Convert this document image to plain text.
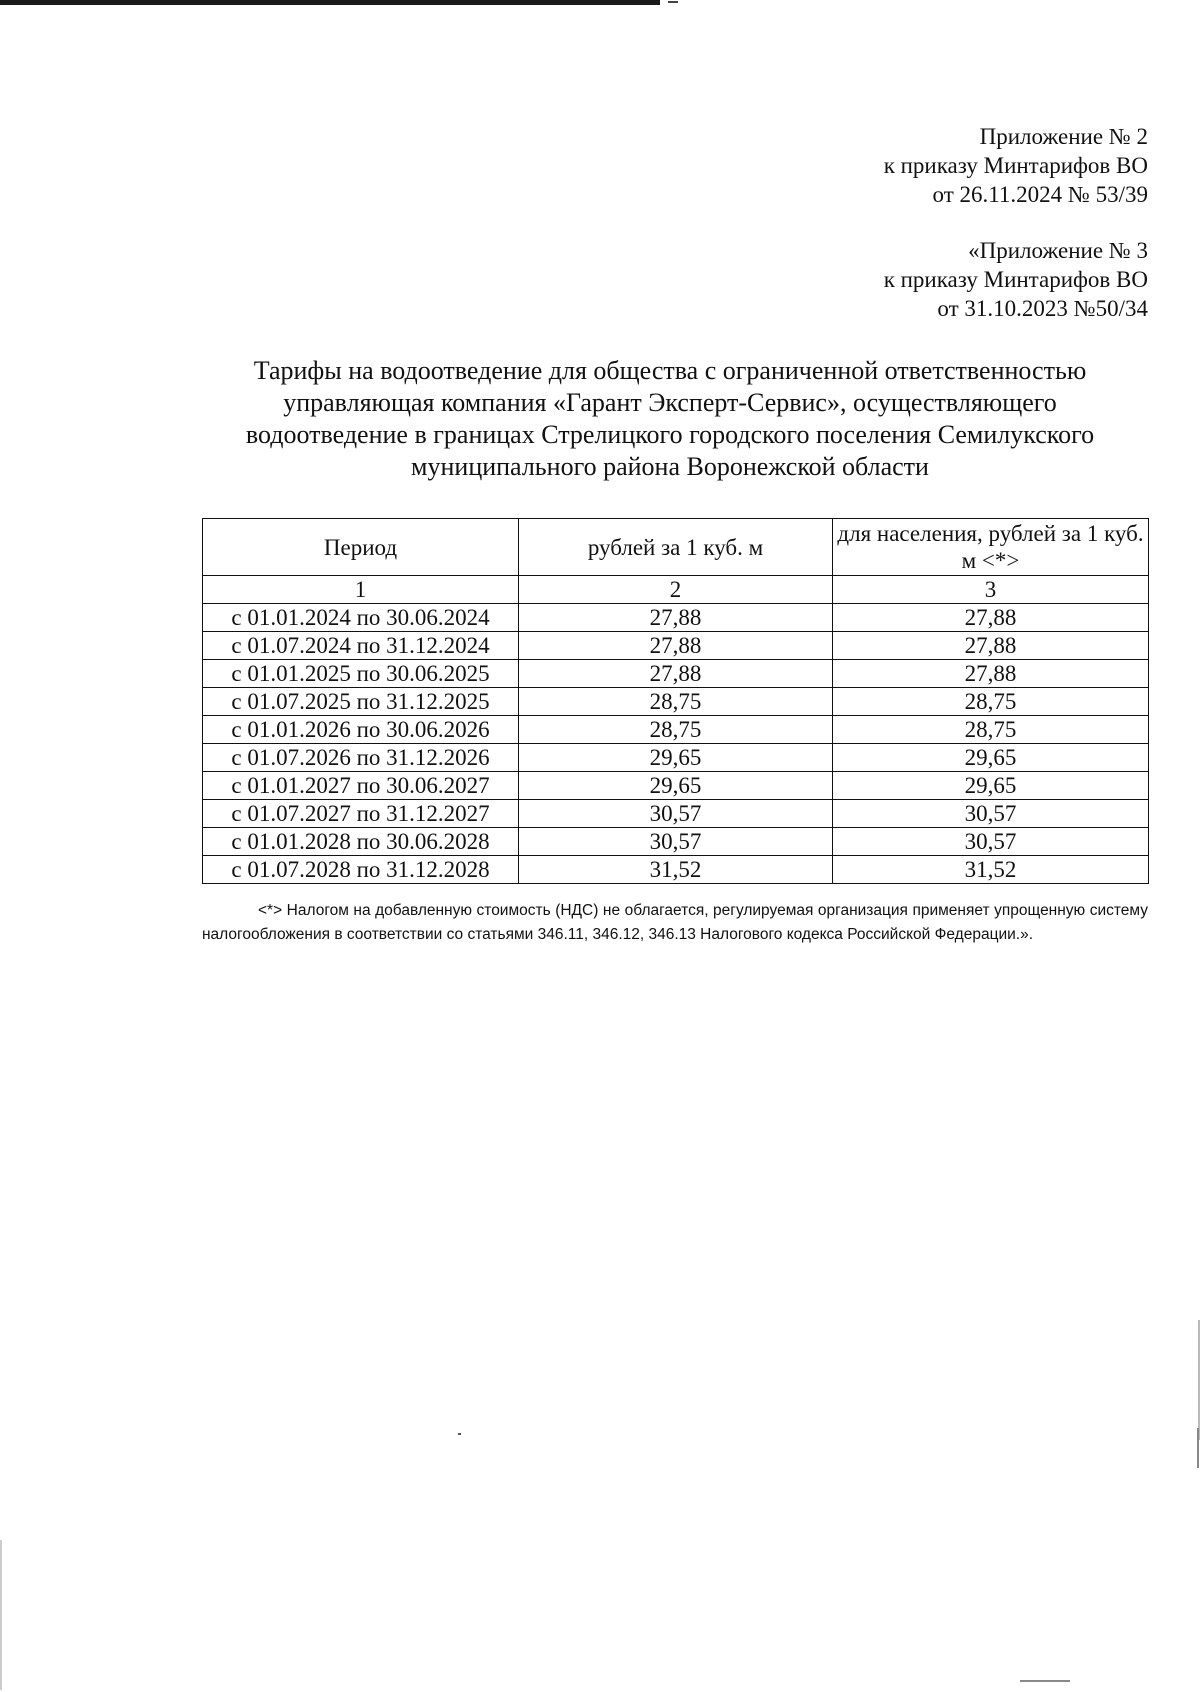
Приложение № 2
к приказу Минтарифов ВО
от 26.11.2024 № 53/39
«Приложение № 3
к приказу Минтарифов ВО
от 31.10.2023 №50/34
Тарифы на водоотведение для общества с ограниченной ответственностью
управляющая компания «Гарант Эксперт-Сервис», осуществляющего
водоотведение в границах Стрелицкого городского поселения Семилукского
муниципального района Воронежской области
Период	рублей за 1 куб. м	для населения, рублей за 1 куб. м <*>
1	2	3
с 01.01.2024 по 30.06.2024	27,88	27,88
с 01.07.2024 по 31.12.2024	27,88	27,88
с 01.01.2025 по 30.06.2025	27,88	27,88
с 01.07.2025 по 31.12.2025	28,75	28,75
с 01.01.2026 по 30.06.2026	28,75	28,75
с 01.07.2026 по 31.12.2026	29,65	29,65
с 01.01.2027 по 30.06.2027	29,65	29,65
с 01.07.2027 по 31.12.2027	30,57	30,57
с 01.01.2028 по 30.06.2028	30,57	30,57
с 01.07.2028 по 31.12.2028	31,52	31,52
<*> Налогом на добавленную стоимость (НДС) не облагается, регулируемая организация применяет упрощенную систему налогообложения в соответствии со статьями 346.11, 346.12, 346.13 Налогового кодекса Российской Федерации.».
